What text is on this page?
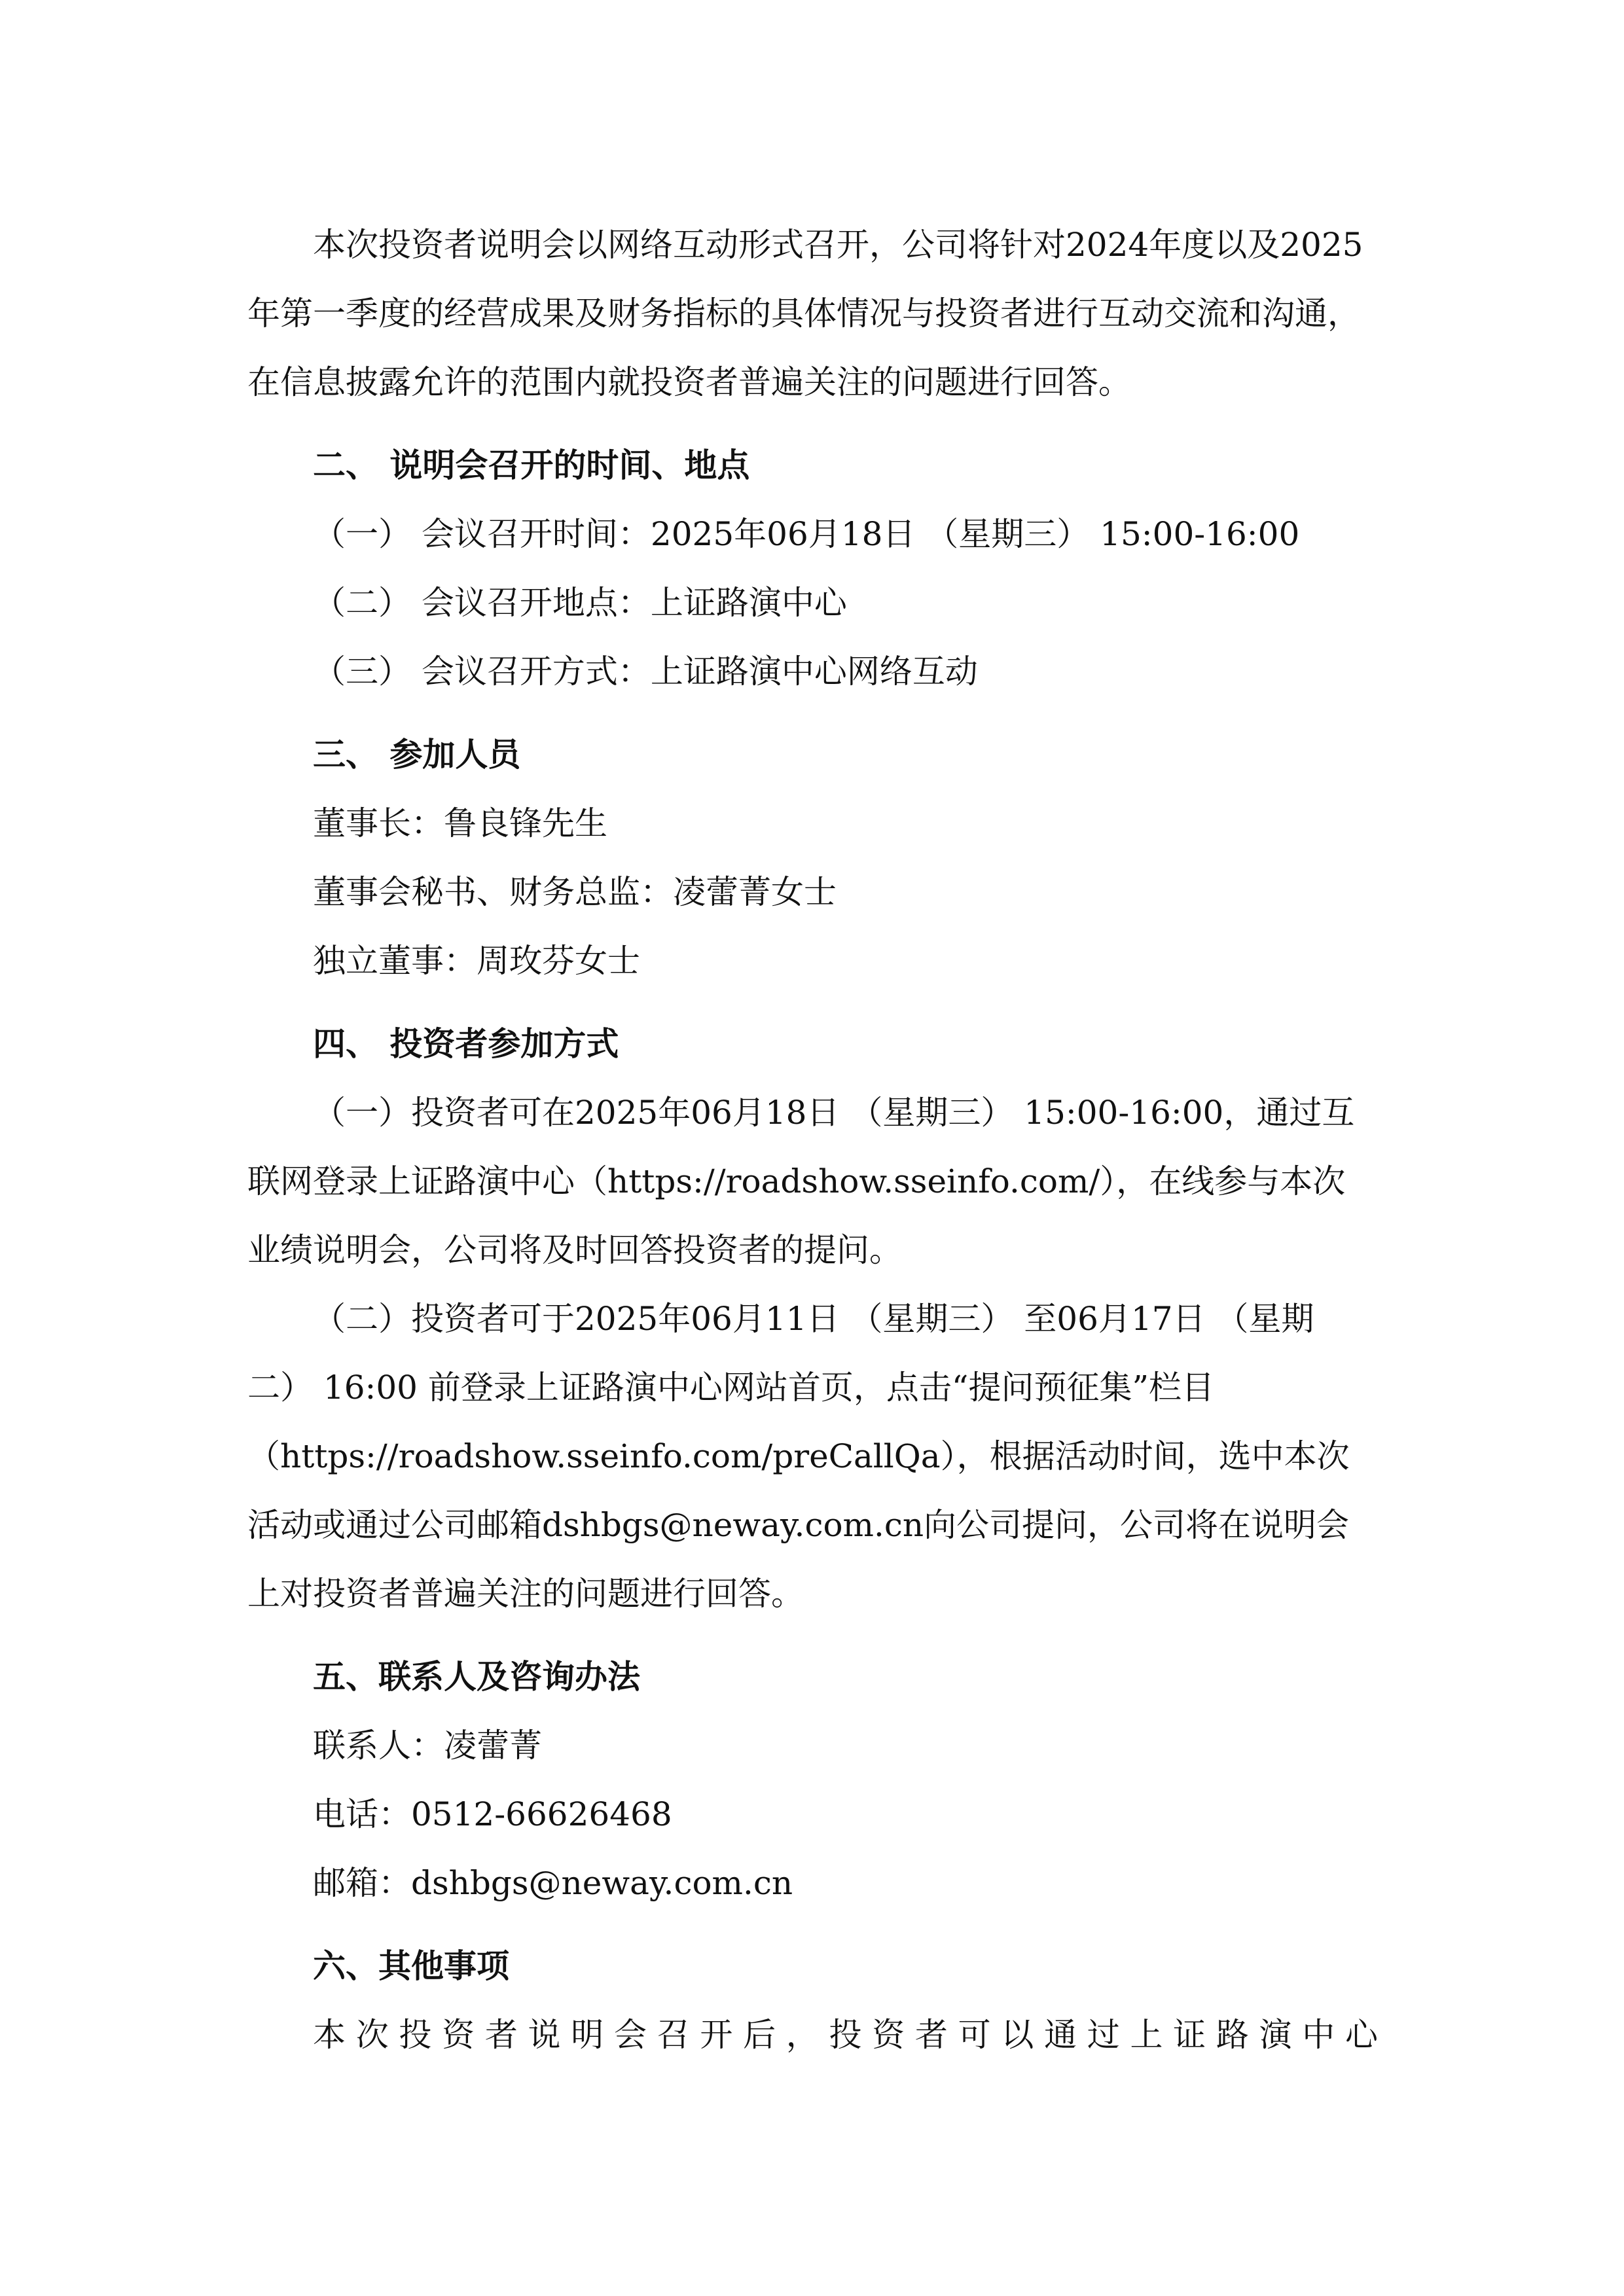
本次投资者说明会以网络互动形式召开，公司将针对2024年度以及2025年第一季度的经营成果及财务指标的具体情况与投资者进行互动交流和沟通，在信息披露允许的范围内就投资者普遍关注的问题进行回答。

二、 说明会召开的时间、地点

（一） 会议召开时间：2025年06月18日 （星期三） 15:00-16:00

（二） 会议召开地点：上证路演中心

（三） 会议召开方式：上证路演中心网络互动

三、 参加人员

董事长：鲁良锋先生

董事会秘书、财务总监：凌蕾菁女士

独立董事：周玫芬女士

四、 投资者参加方式

（一）投资者可在2025年06月18日 （星期三） 15:00-16:00，通过互联网登录上证路演中心（https://roadshow.sseinfo.com/），在线参与本次业绩说明会，公司将及时回答投资者的提问。

（二）投资者可于2025年06月11日 （星期三） 至06月17日 （星期二） 16:00 前登录上证路演中心网站首页，点击“提问预征集”栏目（https://roadshow.sseinfo.com/preCallQa），根据活动时间，选中本次活动或通过公司邮箱dshbgs@neway.com.cn向公司提问，公司将在说明会上对投资者普遍关注的问题进行回答。

五、联系人及咨询办法

联系人：凌蕾菁

电话：0512-66626468

邮箱：dshbgs@neway.com.cn

六、其他事项

本次投资者说明会召开后，投资者可以通过上证路演中心
